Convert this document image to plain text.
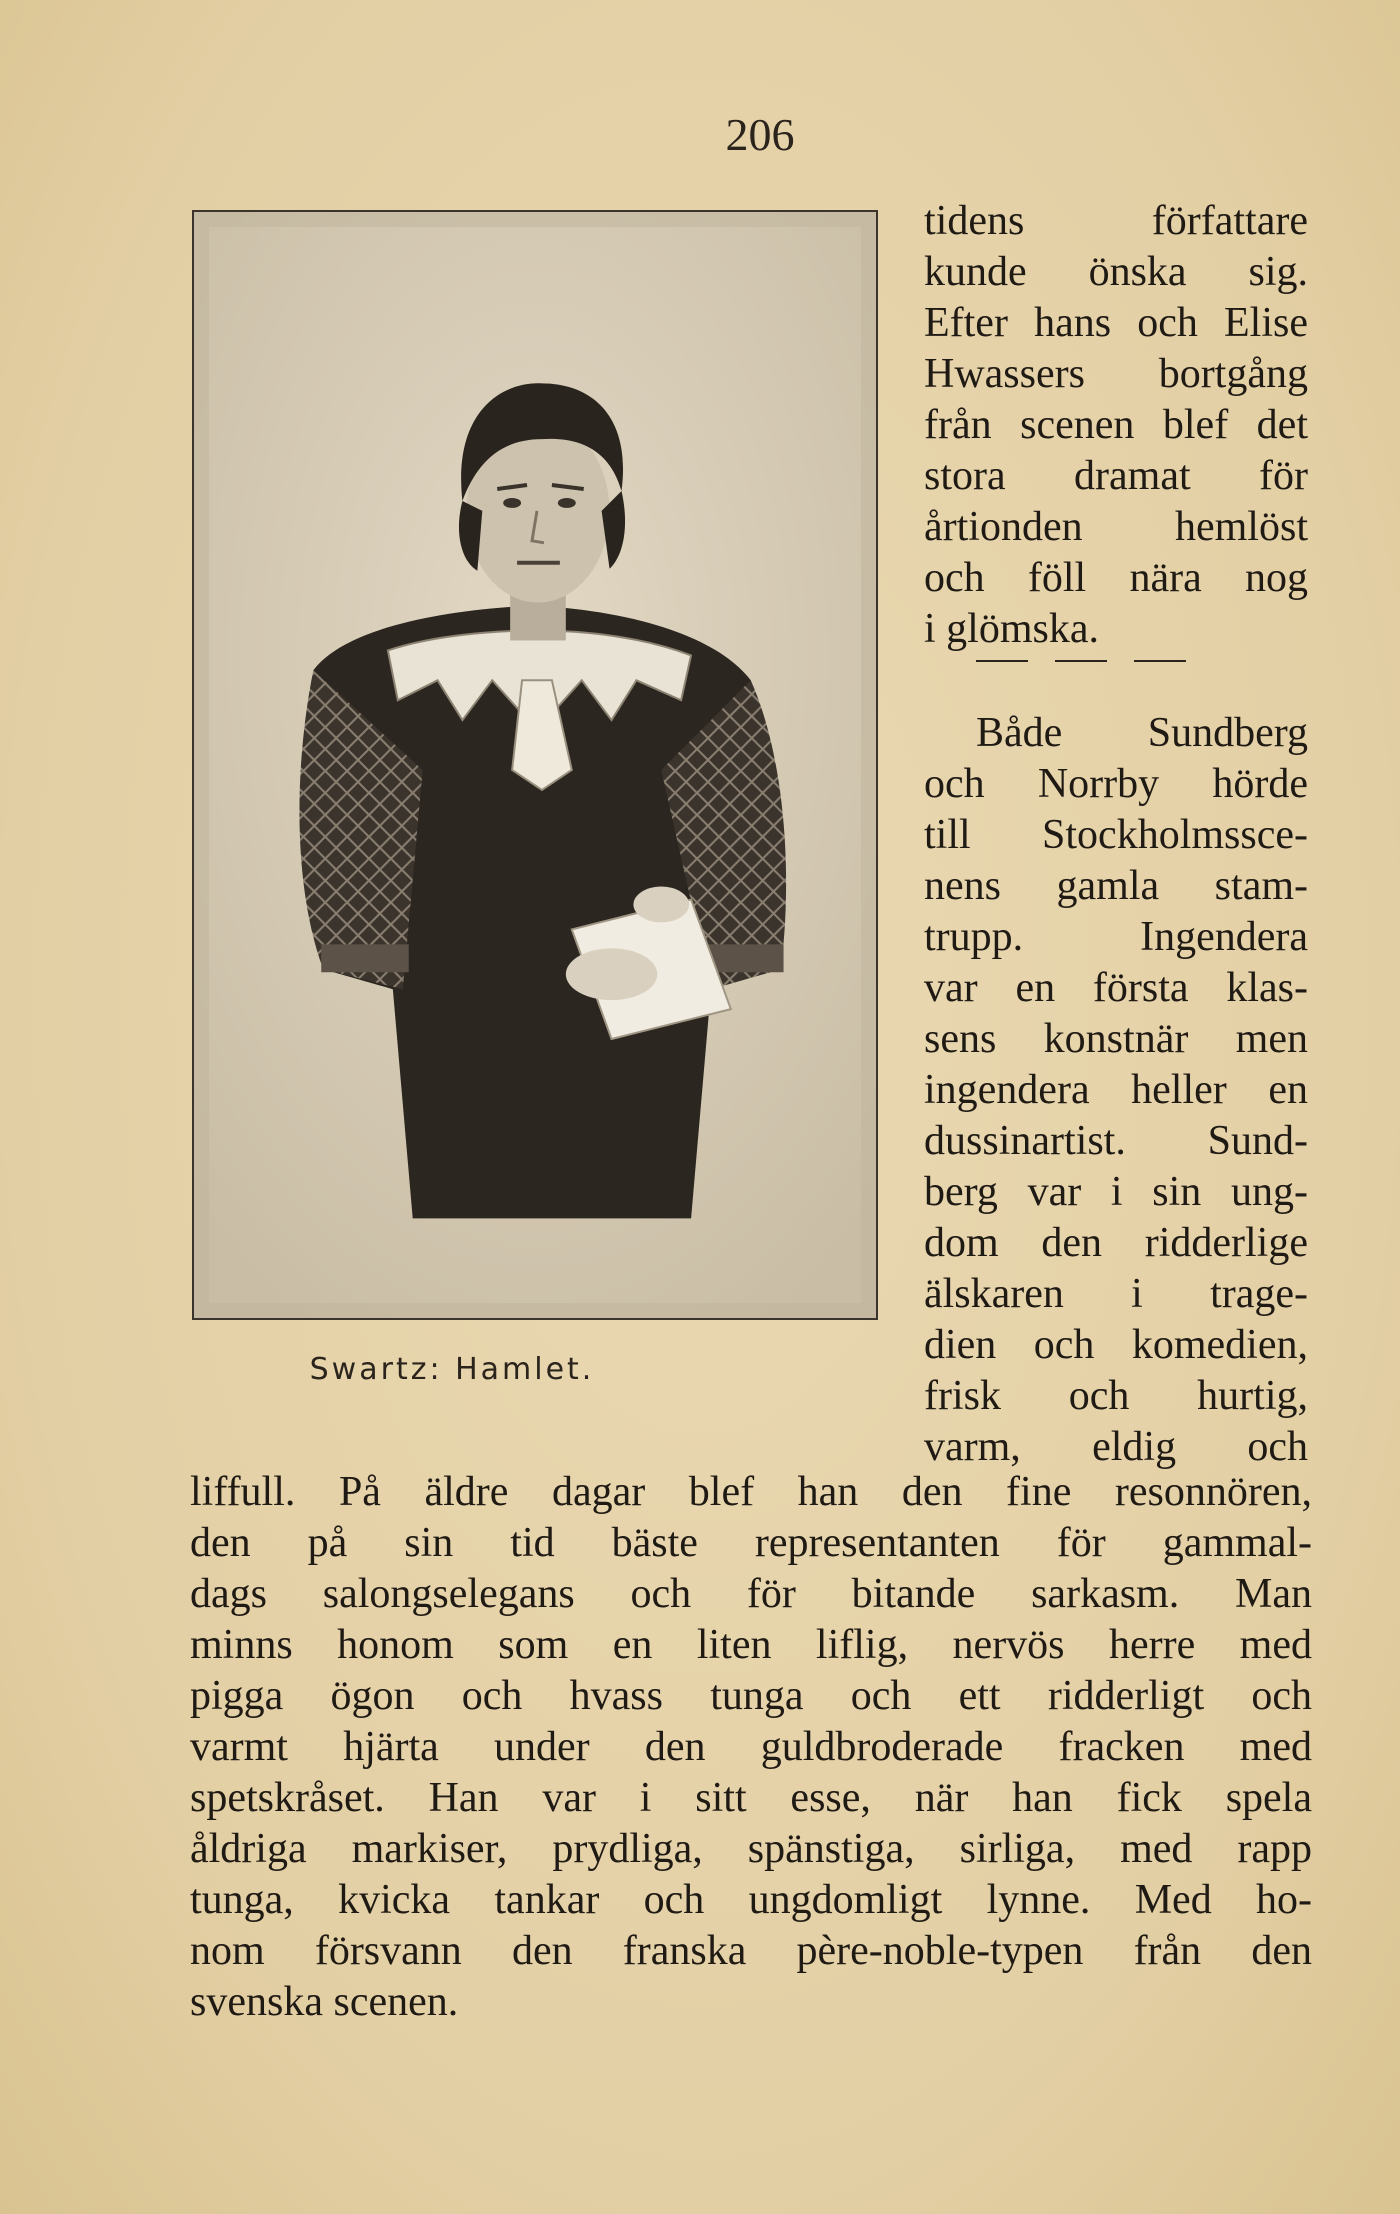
206
Swartz: Hamlet.
tidens författare
kunde önska sig.
Efter hans och Elise
Hwassers bortgång
från scenen blef det
stora dramat för
årtionden hemlöst
och föll nära nog
i glömska.
Både Sundberg
och Norrby hörde
till Stockholmssce-
nens gamla stam-
trupp. Ingendera
var en första klas-
sens konstnär men
ingendera heller en
dussinartist. Sund-
berg var i sin ung-
dom den ridderlige
älskaren i trage-
dien och komedien,
frisk och hurtig,
varm, eldig och
liffull. På äldre dagar blef han den fine resonnören,
den på sin tid bäste representanten för gammal-
dags salongselegans och för bitande sarkasm. Man
minns honom som en liten liflig, nervös herre med
pigga ögon och hvass tunga och ett ridderligt och
varmt hjärta under den guldbroderade fracken med
spetskråset. Han var i sitt esse, när han fick spela
åldriga markiser, prydliga, spänstiga, sirliga, med rapp
tunga, kvicka tankar och ungdomligt lynne. Med ho-
nom försvann den franska père-noble-typen från den
svenska scenen.
